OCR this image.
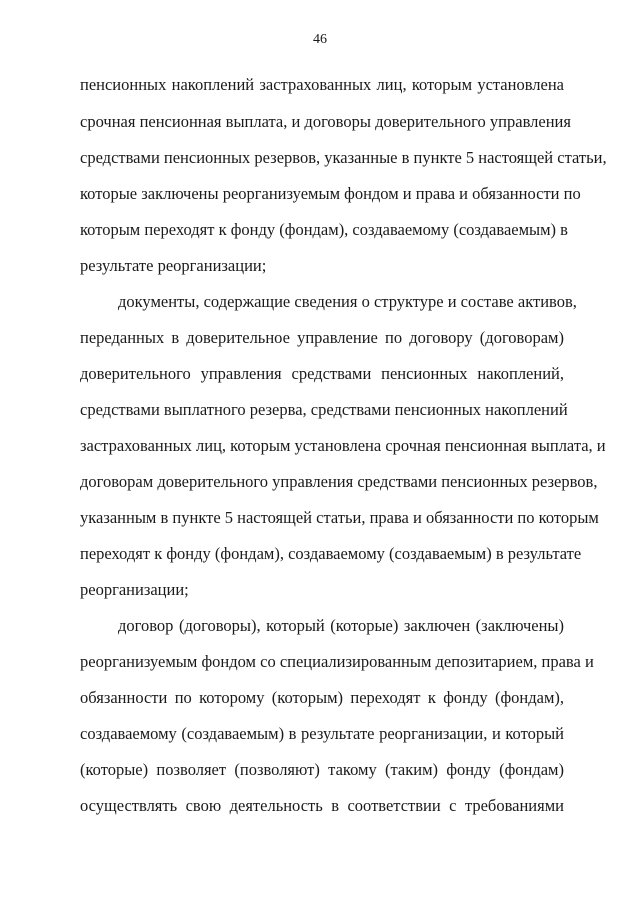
46
пенсионных накоплений застрахованных лиц, которым установлена
срочная пенсионная выплата, и договоры доверительного управления
средствами пенсионных резервов, указанные в пункте 5 настоящей статьи,
которые заключены реорганизуемым фондом и права и обязанности по
которым переходят к фонду (фондам), создаваемому (создаваемым) в
результате реорганизации;
документы, содержащие сведения о структуре и составе активов,
переданных в доверительное управление по договору (договорам)
доверительного управления средствами пенсионных накоплений,
средствами выплатного резерва, средствами пенсионных накоплений
застрахованных лиц, которым установлена срочная пенсионная выплата, и
договорам доверительного управления средствами пенсионных резервов,
указанным в пункте 5 настоящей статьи, права и обязанности по которым
переходят к фонду (фондам), создаваемому (создаваемым) в результате
реорганизации;
договор (договоры), который (которые) заключен (заключены)
реорганизуемым фондом со специализированным депозитарием, права и
обязанности по которому (которым) переходят к фонду (фондам),
создаваемому (создаваемым) в результате реорганизации, и который
(которые) позволяет (позволяют) такому (таким) фонду (фондам)
осуществлять свою деятельность в соответствии с требованиями
